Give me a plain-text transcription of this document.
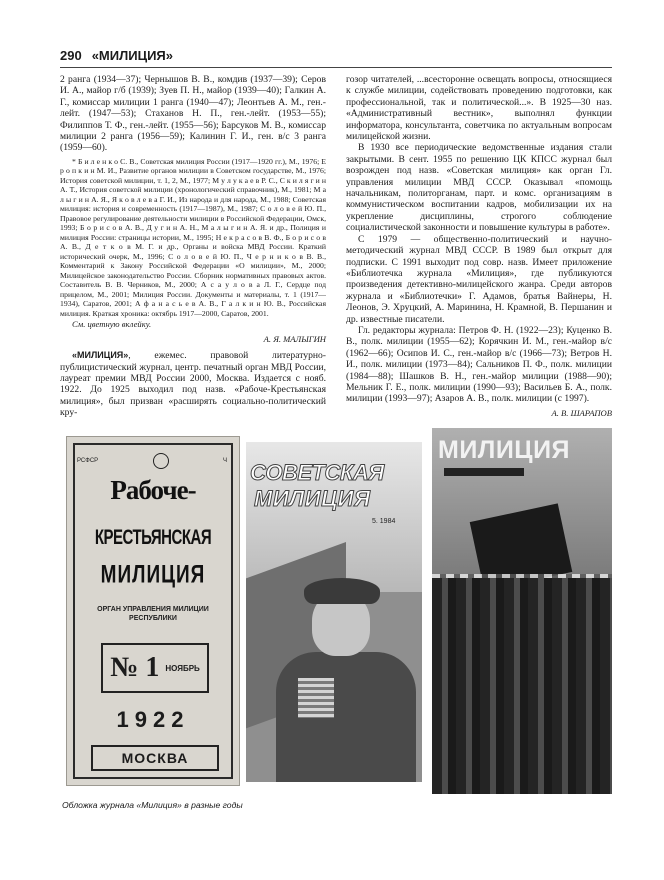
290 «МИЛИЦИЯ»

2 ранга (1934—37); Чернышов В. В., комдив (1937—39); Серов И. А., майор г/б (1939); Зуев П. Н., майор (1939—40); Галкин А. Г., комиссар милиции 1 ранга (1940—47); Леонтьев А. М., ген.-лейт. (1947—53); Стаханов Н. П., ген.-лейт. (1953—55); Филиппов Т. Ф., ген.-лейт. (1955—56); Барсуков М. В., комиссар милиции 2 ранга (1956—59); Калинин Г. И., ген. в/с 3 ранга (1959—60).

* Б и л е н к о С. В., Советская милиция России (1917—1920 гг.), М., 1976; Е р о п к и н М. И., Развитие органов милиции в Советском государстве, М., 1976; История советской милиции, т. 1, 2, М., 1977; М у л у к а е в Р. С., С к и л я г и н А. Т., История советской милиции (хронологический справочник), М., 1981; М а л ы г и н А. Я., Я к о в л е в а Г. И., Из народа и для народа, М., 1988; Советская милиция: история и современность (1917—1987), М., 1987; С о л о в е й Ю. П., Правовое регулирование деятельности милиции в Российской Федерации, Омск, 1993; Б о р и с о в А. В., Д у г и н А. Н., М а л ы г и н А. Я. и др., Полиция и милиция России: страницы истории, М., 1995; Н е к р а с о в В. Ф., Б о р и с о в А. В., Д е т к о в М. Г. и др., Органы и войска МВД России. Краткий исторический очерк, М., 1996; С о л о в е й Ю. П., Ч е р н и к о в В. В., Комментарий к Закону Российской Федерации «О милиции», М., 2000; Милицейское законодательство России. Сборник нормативных правовых актов. Составитель В. В. Черников, М., 2000; А с а у л о в а Л. Г., Сердце под прицелом, М., 2001; Милиция России. Документы и материалы, т. 1 (1917—1934), Саратов, 2001; А ф а н а с ь е в А. В., Г а л к и н Ю. В., Российская милиция. Краткая хроника: октябрь 1917—2000, Саратов, 2001.

См. цветную вклейку.

А. Я. МАЛЫГИН

«МИЛИЦИЯ», ежемес. правовой литературно-публицистический журнал, центр. печатный орган МВД России, лауреат премии МВД России 2000, Москва. Издается с нояб. 1922. До 1925 выходил под назв. «Рабоче-Крестьянская милиция», был призван «расширять социально-политический кру-

гозор читателей, ...всесторонне освещать вопросы, относящиеся к службе милиции, содействовать проведению подготовки, как профессиональной, так и политической...». В 1925—30 наз. «Административный вестник», выполнял функции информатора, консультанта, советчика по актуальным вопросам милицейской жизни.

В 1930 все периодические ведомственные издания стали закрытыми. В сент. 1955 по решению ЦК КПСС журнал был возрожден под назв. «Советская милиция» как орган Гл. управления милиции МВД СССР. Оказывал «помощь начальникам, политорганам, парт. и комс. организациям в коммунистическом воспитании кадров, мобилизации их на укрепление дисциплины, строгого соблюдение социалистической законности и повышение культуры в работе».

С 1979 — общественно-политический и научно-методический журнал МВД СССР. В 1989 был открыт для подписки. С 1991 выходит под совр. назв. Имеет приложение «Библиотечка журнала «Милиция», где публикуются произведения детективно-милицейского жанра. Среди авторов журнала и «Библиотечки» Г. Адамов, братья Вайнеры, Н. Леонов, Э. Хруцкий, А. Маринина, Н. Крамной, В. Першанин и др. известные писатели.

Гл. редакторы журнала: Петров Ф. Н. (1922—23); Куценко В. В., полк. милиции (1955—62); Корячкин И. М., ген.-майор в/с (1962—66); Осипов И. С., ген.-майор в/с (1966—73); Ветров Н. И., полк. милиции (1973—84); Сальников П. Ф., полк. милиции (1984—88); Шашков В. Н., ген.-майор милиции (1988—90); Мельник Г. Е., полк. милиции (1990—93); Васильев Б. А., полк. милиции (1993—97); Азаров А. В., полк. милиции (с 1997).

А. В. ШАРАПОВ

РСФСР	Ч
Рабоче-
КРЕСТЬЯНСКАЯ
МИЛИЦИЯ
ОРГАН УПРАВЛЕНИЯ МИЛИЦИИ РЕСПУБЛИКИ
№ 1 НОЯБРЬ
1922
МОСКВА
СОВЕТСКАЯ
МИЛИЦИЯ
5. 1984
МИЛИЦИЯ
Обложка журнала «Милиция» в разные годы
